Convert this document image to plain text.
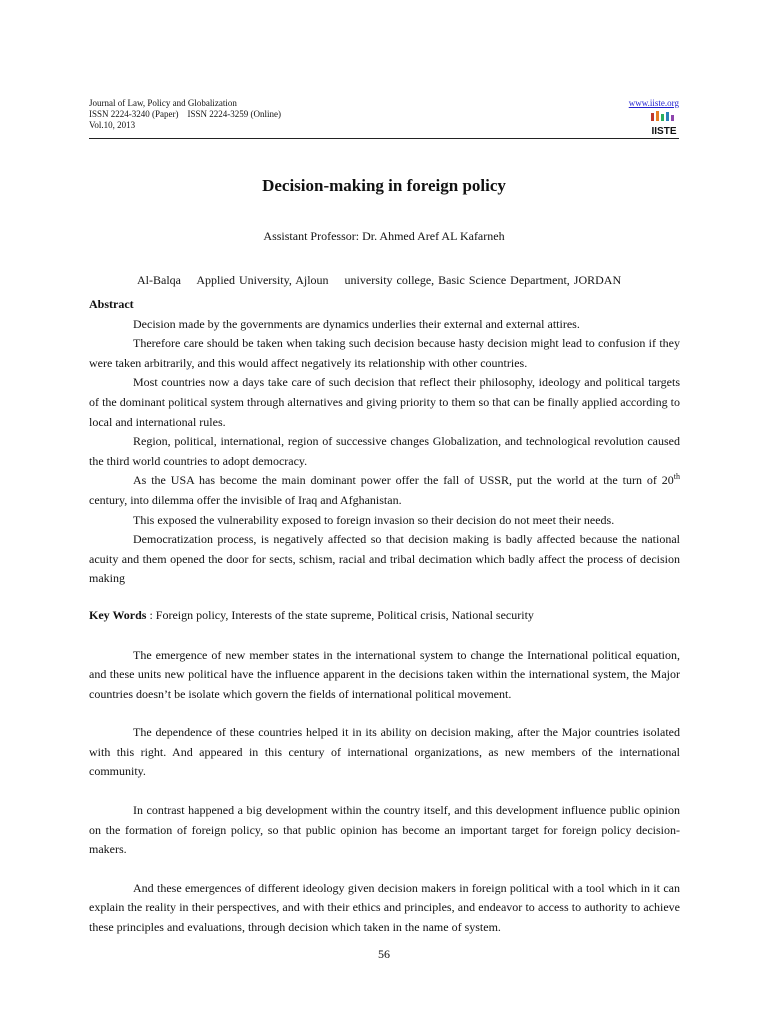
Journal of Law, Policy and Globalization
ISSN 2224-3240 (Paper)    ISSN 2224-3259 (Online)
Vol.10, 2013
www.iiste.org
IISTE
Decision-making in foreign policy
Assistant Professor: Dr. Ahmed Aref AL Kafarneh
Al-Balqa    Applied University, Ajloun    university college, Basic Science Department, JORDAN
Abstract

Decision made by the governments are dynamics underlies their external and external attires.

Therefore care should be taken when taking such decision because hasty decision might lead to confusion if they were taken arbitrarily, and this would affect negatively its relationship with other countries.

Most countries now a days take care of such decision that reflect their philosophy, ideology and political targets of the dominant political system through alternatives and giving priority to them so that can be finally applied according to local and international rules.

Region, political, international, region of successive changes Globalization, and technological revolution caused the third world countries to adopt democracy.

As the USA has become the main dominant power offer the fall of USSR, put the world at the turn of 20th century, into dilemma offer the invisible of Iraq and Afghanistan.

This exposed the vulnerability exposed to foreign invasion so their decision do not meet their needs.

Democratization process, is negatively affected so that decision making is badly affected because the national acuity and them opened the door for sects, schism, racial and tribal decimation which badly affect the process of decision making

Key Words : Foreign policy, Interests of the state supreme, Political crisis, National security

The emergence of new member states in the international system to change the International political equation, and these units new political have the influence apparent in the decisions taken within the international system, the Major countries doesn’t be isolate which govern the fields of international political movement.

The dependence of these countries helped it in its ability on decision making, after the Major countries isolated with this right. And appeared in this century of international organizations, as new members of the international community.

In contrast happened a big development within the country itself, and this development influence public opinion on the formation of foreign policy, so that public opinion has become an important target for foreign policy decision-makers.

And these emergences of different ideology given decision makers in foreign political with a tool which in it can explain the reality in their perspectives, and with their ethics and principles, and endeavor to access to authority to achieve these principles and evaluations, through decision which taken in the name of system.

56
